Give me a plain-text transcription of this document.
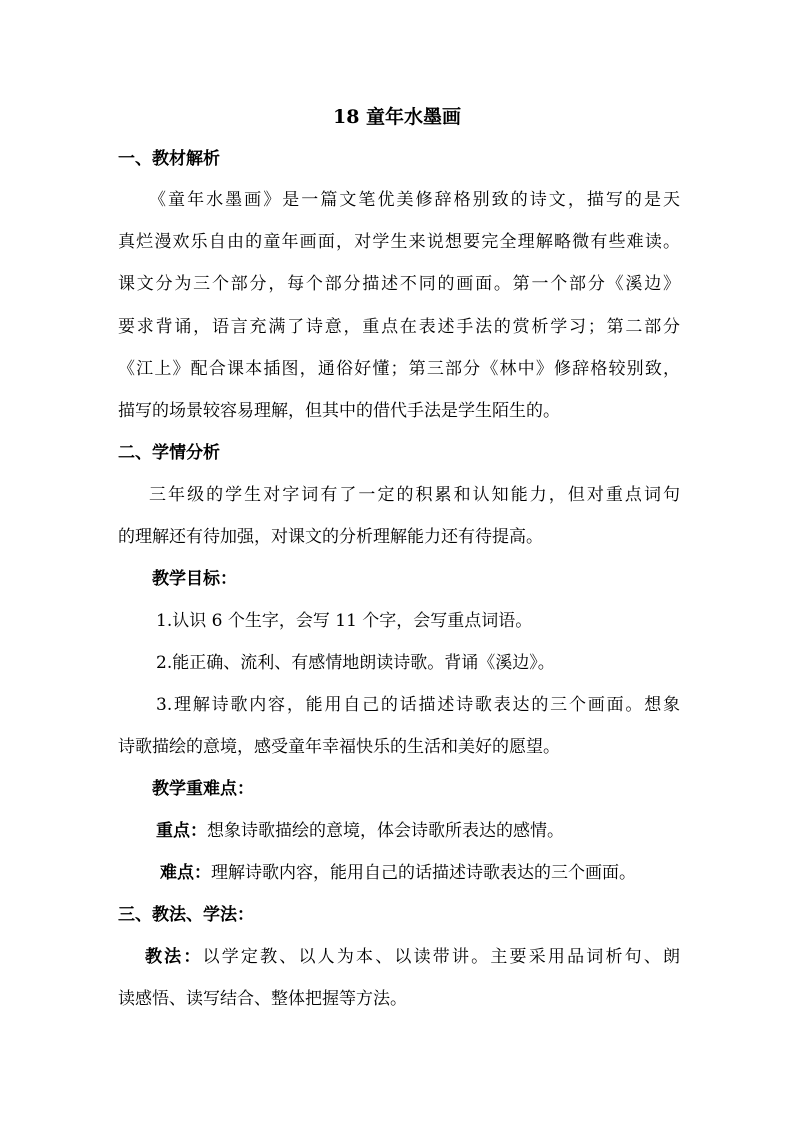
18 童年水墨画
一、教材解析
《童年水墨画》是一篇文笔优美修辞格别致的诗文，描写的是天
真烂漫欢乐自由的童年画面，对学生来说想要完全理解略微有些难读。
课文分为三个部分，每个部分描述不同的画面。第一个部分《溪边》
要求背诵，语言充满了诗意，重点在表述手法的赏析学习；第二部分
《江上》配合课本插图，通俗好懂；第三部分《林中》修辞格较别致，
描写的场景较容易理解，但其中的借代手法是学生陌生的。
二、学情分析
三年级的学生对字词有了一定的积累和认知能力，但对重点词句
的理解还有待加强，对课文的分析理解能力还有待提高。
教学目标：
1.认识 6 个生字，会写 11 个字，会写重点词语。
2.能正确、流利、有感情地朗读诗歌。背诵《溪边》。
3.理解诗歌内容，能用自己的话描述诗歌表达的三个画面。想象
诗歌描绘的意境，感受童年幸福快乐的生活和美好的愿望。
教学重难点：
重点：想象诗歌描绘的意境，体会诗歌所表达的感情。
难点：理解诗歌内容，能用自己的话描述诗歌表达的三个画面。
三、教法、学法：
教法：以学定教、以人为本、以读带讲。主要采用品词析句、朗
读感悟、读写结合、整体把握等方法。
